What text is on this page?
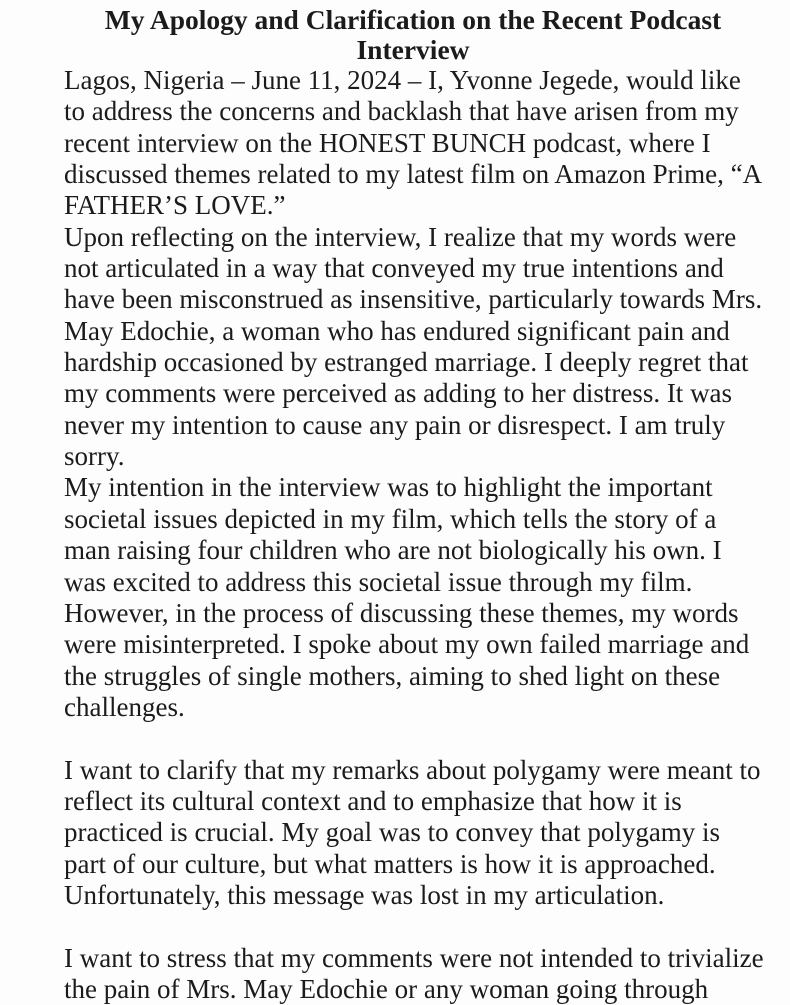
My Apology and Clarification on the Recent Podcast
Interview
Lagos, Nigeria – June 11, 2024 – I, Yvonne Jegede, would like
to address the concerns and backlash that have arisen from my
recent interview on the HONEST BUNCH podcast, where I
discussed themes related to my latest film on Amazon Prime, “A
FATHER’S LOVE.”
Upon reflecting on the interview, I realize that my words were
not articulated in a way that conveyed my true intentions and
have been misconstrued as insensitive, particularly towards Mrs.
May Edochie, a woman who has endured significant pain and
hardship occasioned by estranged marriage. I deeply regret that
my comments were perceived as adding to her distress. It was
never my intention to cause any pain or disrespect. I am truly
sorry.
My intention in the interview was to highlight the important
societal issues depicted in my film, which tells the story of a
man raising four children who are not biologically his own. I
was excited to address this societal issue through my film.
However, in the process of discussing these themes, my words
were misinterpreted. I spoke about my own failed marriage and
the struggles of single mothers, aiming to shed light on these
challenges.
I want to clarify that my remarks about polygamy were meant to
reflect its cultural context and to emphasize that how it is
practiced is crucial. My goal was to convey that polygamy is
part of our culture, but what matters is how it is approached.
Unfortunately, this message was lost in my articulation.
I want to stress that my comments were not intended to trivialize
the pain of Mrs. May Edochie or any woman going through
